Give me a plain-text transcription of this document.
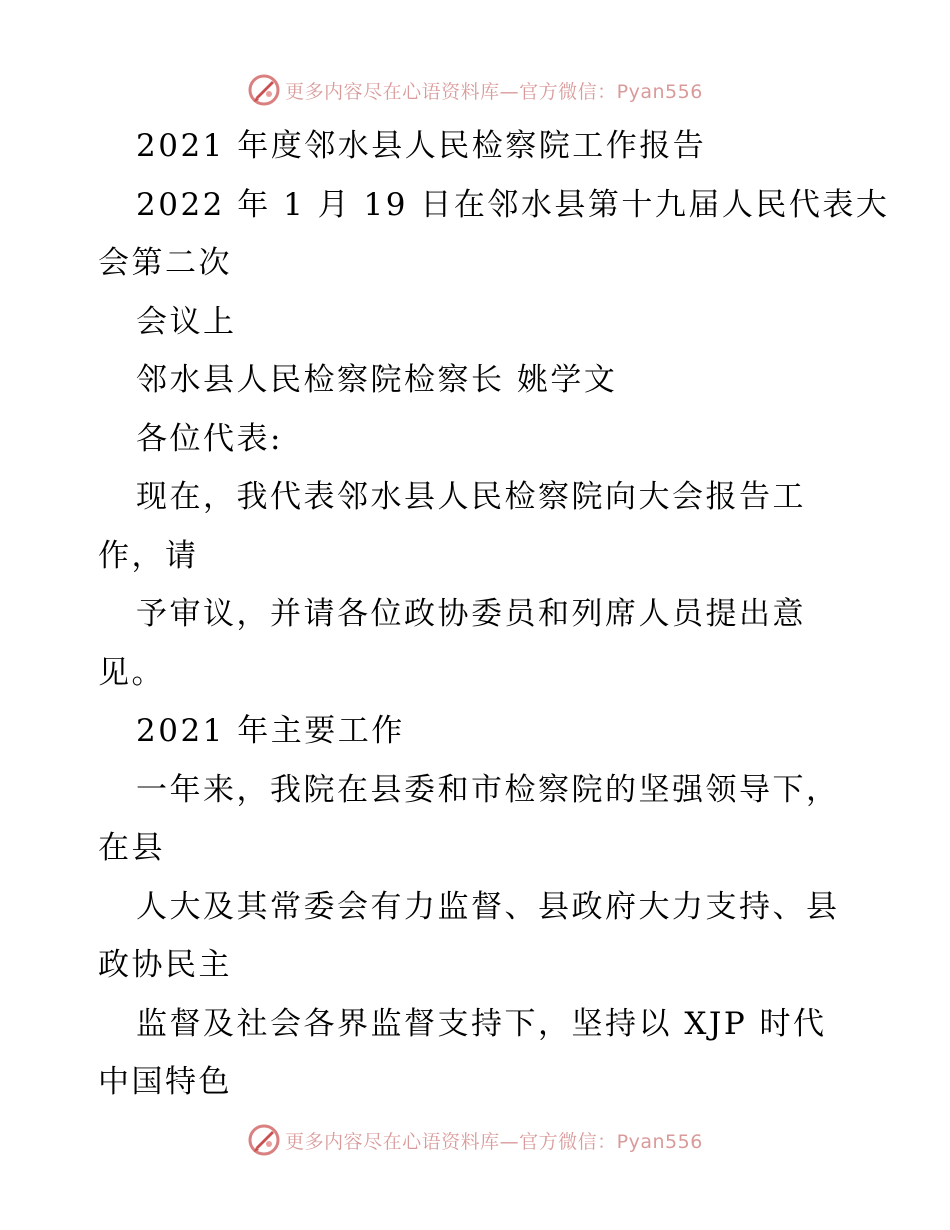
更多内容尽在心语资料库—官方微信：Pyan556
2021 年度邻水县人民检察院工作报告
2022 年 1 月 19 日在邻水县第十九届人民代表大
会第二次
会议上
邻水县人民检察院检察长 姚学文
各位代表:
现在，我代表邻水县人民检察院向大会报告工
作，请
予审议，并请各位政协委员和列席人员提出意
见。
2021 年主要工作
一年来，我院在县委和市检察院的坚强领导下，
在县
人大及其常委会有力监督、县政府大力支持、县
政协民主
监督及社会各界监督支持下，坚持以 XJP 时代
中国特色
更多内容尽在心语资料库—官方微信：Pyan556
